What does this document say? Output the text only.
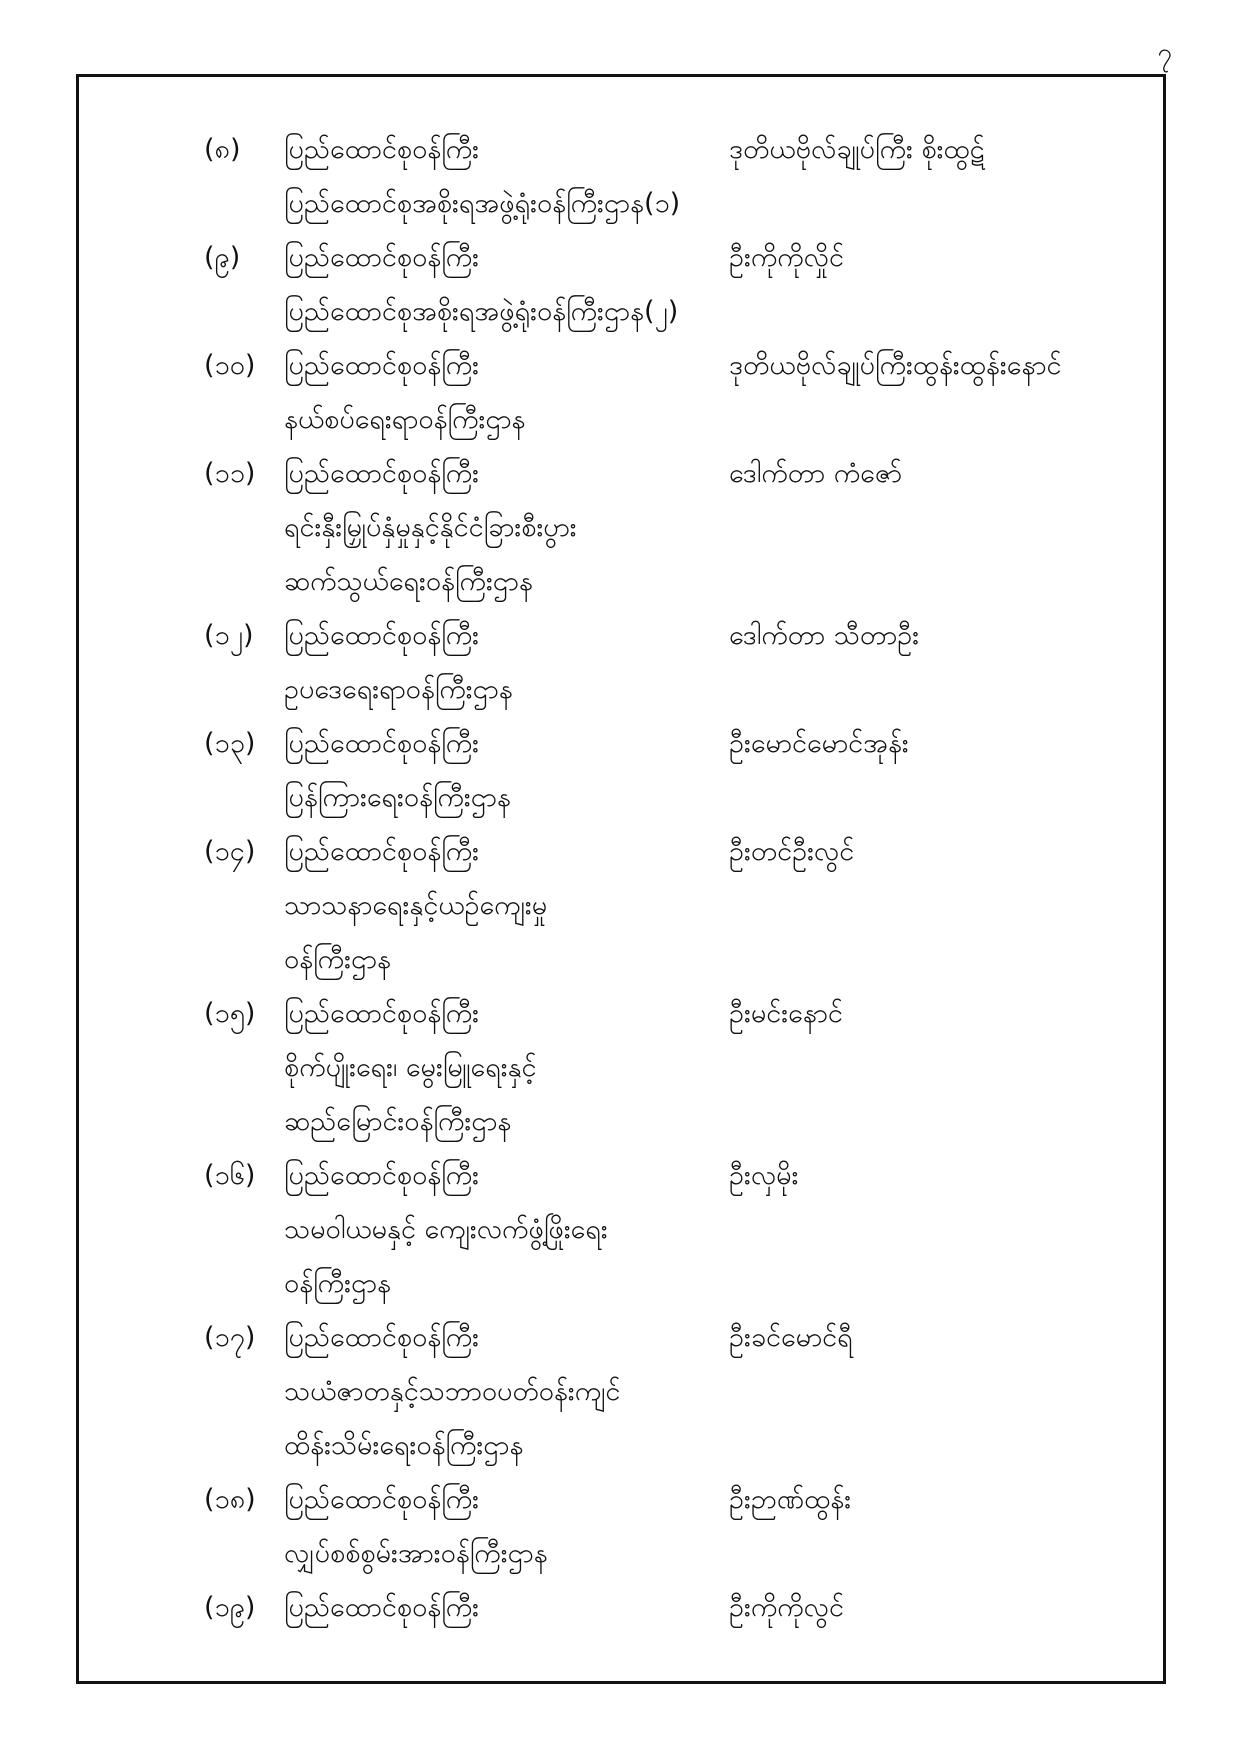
၇
(၈) ပြည်ထောင်စုဝန်ကြီး	ဒုတိယဗိုလ်ချုပ်ကြီး စိုးထွဋ်
ပြည်ထောင်စုအစိုးရအဖွဲ့ရုံးဝန်ကြီးဌာန(၁)
(၉) ပြည်ထောင်စုဝန်ကြီး	ဦးကိုကိုလှိုင်
ပြည်ထောင်စုအစိုးရအဖွဲ့ရုံးဝန်ကြီးဌာန(၂)
(၁၀) ပြည်ထောင်စုဝန်ကြီး	ဒုတိယဗိုလ်ချုပ်ကြီးထွန်းထွန်းနောင်
နယ်စပ်ရေးရာဝန်ကြီးဌာန
(၁၁) ပြည်ထောင်စုဝန်ကြီး	ဒေါက်တာ ကံဇော်
ရင်းနှီးမြှုပ်နှံမှုနှင့်နိုင်ငံခြားစီးပွား
ဆက်သွယ်ရေးဝန်ကြီးဌာန
(၁၂) ပြည်ထောင်စုဝန်ကြီး	ဒေါက်တာ သီတာဦး
ဥပဒေရေးရာဝန်ကြီးဌာန
(၁၃) ပြည်ထောင်စုဝန်ကြီး	ဦးမောင်မောင်အုန်း
ပြန်ကြားရေးဝန်ကြီးဌာန
(၁၄) ပြည်ထောင်စုဝန်ကြီး	ဦးတင်ဦးလွင်
သာသနာရေးနှင့်ယဉ်ကျေးမှု
ဝန်ကြီးဌာန
(၁၅) ပြည်ထောင်စုဝန်ကြီး	ဦးမင်းနောင်
စိုက်ပျိုးရေး၊ မွေးမြူရေးနှင့်
ဆည်မြောင်းဝန်ကြီးဌာန
(၁၆) ပြည်ထောင်စုဝန်ကြီး	ဦးလှမိုး
သမဝါယမနှင့် ကျေးလက်ဖွံ့ဖြိုးရေး
ဝန်ကြီးဌာန
(၁၇) ပြည်ထောင်စုဝန်ကြီး	ဦးခင်မောင်ရီ
သယံဇာတနှင့်သဘာဝပတ်ဝန်းကျင်
ထိန်းသိမ်းရေးဝန်ကြီးဌာန
(၁၈) ပြည်ထောင်စုဝန်ကြီး	ဦးဉာဏ်ထွန်း
လျှပ်စစ်စွမ်းအားဝန်ကြီးဌာန
(၁၉) ပြည်ထောင်စုဝန်ကြီး	ဦးကိုကိုလွင်
